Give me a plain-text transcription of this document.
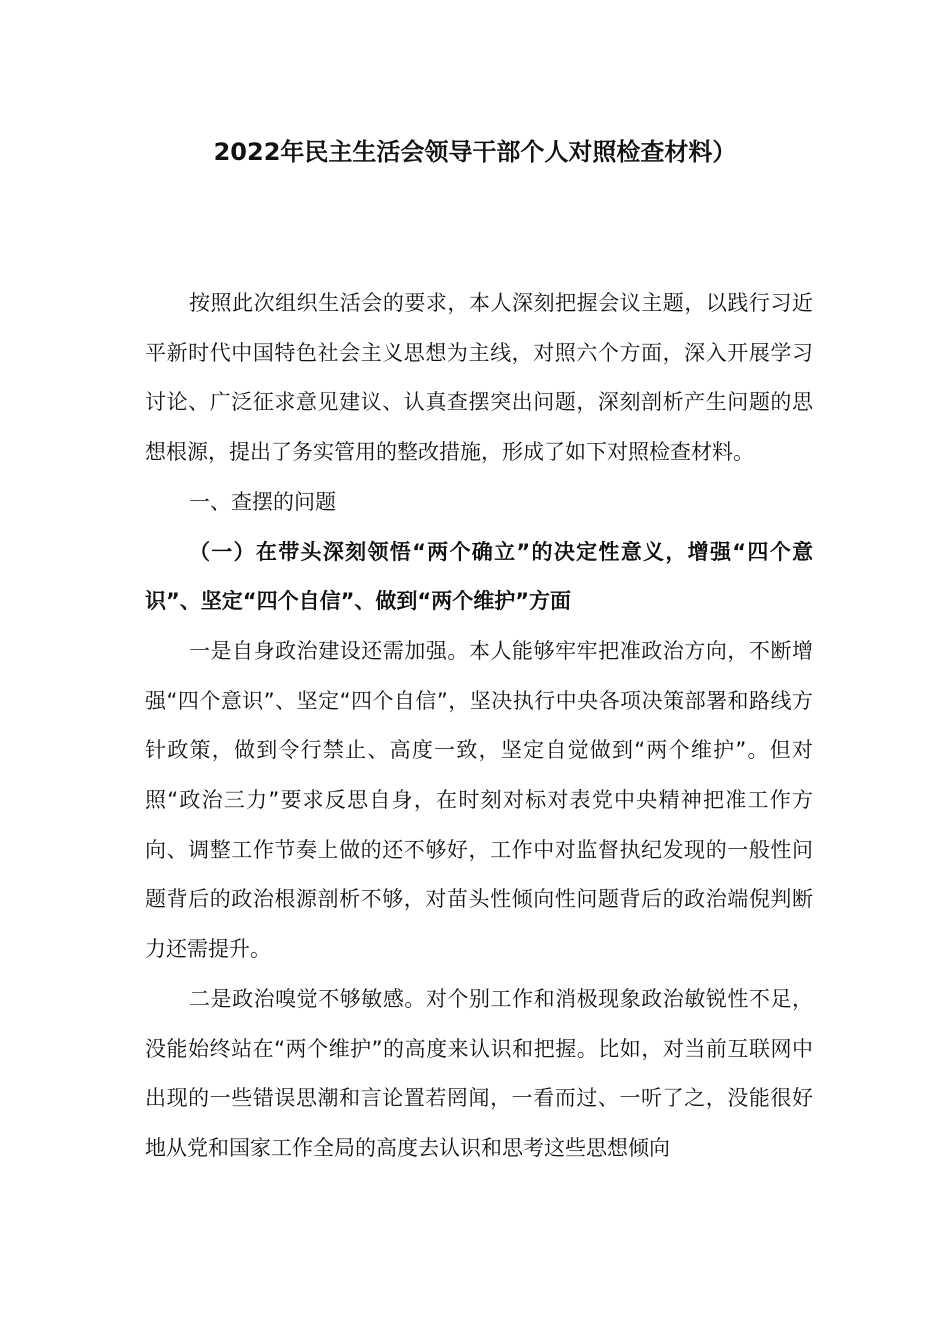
2022年民主生活会领导干部个人对照检查材料）

按照此次组织生活会的要求，本人深刻把握会议主题，以践行习近平新时代中国特色社会主义思想为主线，对照六个方面，深入开展学习讨论、广泛征求意见建议、认真查摆突出问题，深刻剖析产生问题的思想根源，提出了务实管用的整改措施，形成了如下对照检查材料。

一、查摆的问题

（一）在带头深刻领悟“两个确立”的决定性意义，增强“四个意识”、坚定“四个自信”、做到“两个维护”方面

一是自身政治建设还需加强。本人能够牢牢把准政治方向，不断增强“四个意识”、坚定“四个自信”，坚决执行中央各项决策部署和路线方针政策，做到令行禁止、高度一致，坚定自觉做到“两个维护”。但对照“政治三力”要求反思自身，在时刻对标对表党中央精神把准工作方向、调整工作节奏上做的还不够好，工作中对监督执纪发现的一般性问题背后的政治根源剖析不够，对苗头性倾向性问题背后的政治端倪判断力还需提升。

二是政治嗅觉不够敏感。对个别工作和消极现象政治敏锐性不足，没能始终站在“两个维护”的高度来认识和把握。比如，对当前互联网中出现的一些错误思潮和言论置若罔闻，一看而过、一听了之，没能很好地从党和国家工作全局的高度去认识和思考这些思想倾向
